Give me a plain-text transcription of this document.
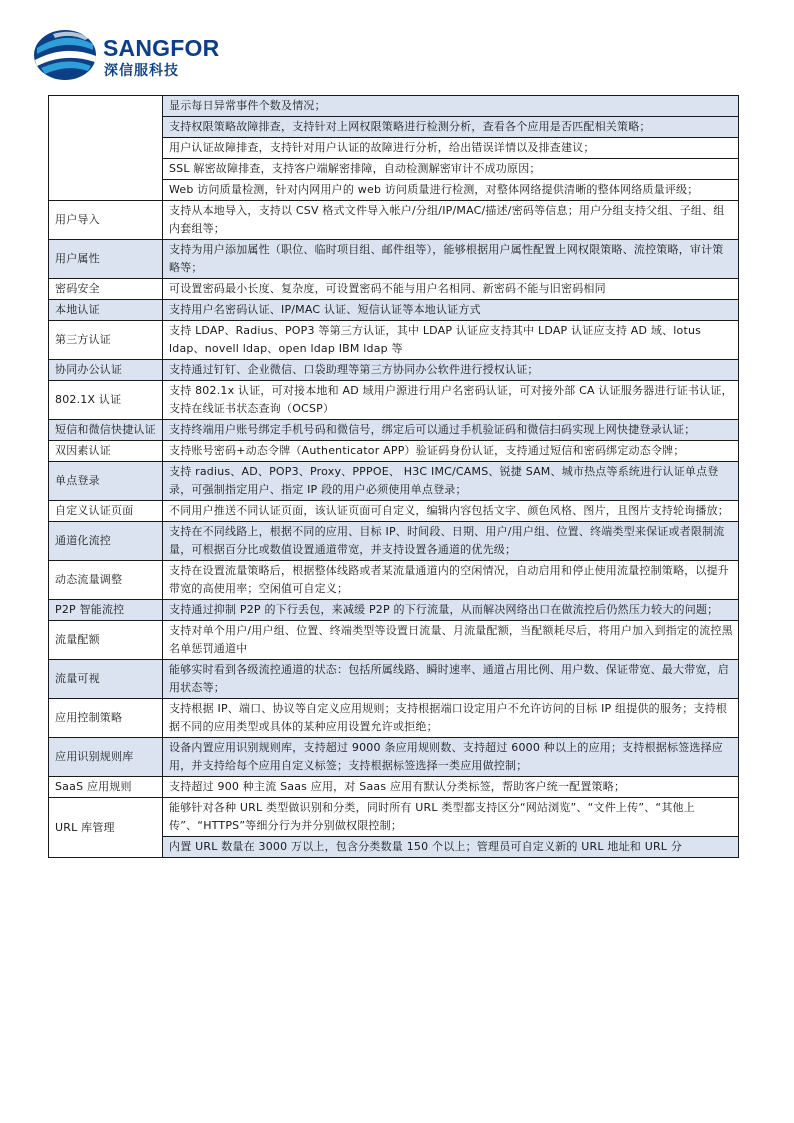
SANGFOR
深信服科技

	显示每日异常事件个数及情况；

	支持权限策略故障排查，支持针对上网权限策略进行检测分析，查看各个应用是否匹配相关策略；

	用户认证故障排查，支持针对用户认证的故障进行分析，给出错误详情以及排查建议；

	SSL 解密故障排查，支持客户端解密排障，自动检测解密审计不成功原因；

	Web 访问质量检测，针对内网用户的 web 访问质量进行检测，对整体网络提供清晰的整体网络质量评级；

用户导入	支持从本地导入，支持以 CSV 格式文件导入帐户/分组/IP/MAC/描述/密码等信息；用户分组支持父组、子组、组内套组等；

用户属性	支持为用户添加属性（职位、临时项目组、邮件组等），能够根据用户属性配置上网权限策略、流控策略，审计策略等；

密码安全	可设置密码最小长度、复杂度，可设置密码不能与用户名相同、新密码不能与旧密码相同

本地认证	支持用户名密码认证、IP/MAC 认证、短信认证等本地认证方式

第三方认证	支持 LDAP、Radius、POP3 等第三方认证，其中 LDAP 认证应支持其中 LDAP 认证应支持 AD 域、lotus ldap、novell ldap、open ldap IBM ldap 等

协同办公认证	支持通过钉钉、企业微信、口袋助理等第三方协同办公软件进行授权认证；

802.1X 认证	支持 802.1x 认证，可对接本地和 AD 域用户源进行用户名密码认证，可对接外部 CA 认证服务器进行证书认证，支持在线证书状态查询（OCSP）

短信和微信快捷认证	支持终端用户账号绑定手机号码和微信号，绑定后可以通过手机验证码和微信扫码实现上网快捷登录认证；

双因素认证	支持账号密码+动态令牌（Authenticator APP）验证码身份认证，支持通过短信和密码绑定动态令牌；

单点登录	支持 radius、AD、POP3、Proxy、PPPOE、 H3C IMC/CAMS、锐捷 SAM、城市热点等系统进行认证单点登录，可强制指定用户、指定 IP 段的用户必须使用单点登录；

自定义认证页面	不同用户推送不同认证页面，该认证页面可自定义，编辑内容包括文字、颜色风格、图片，且图片支持轮询播放；

通道化流控	支持在不同线路上，根据不同的应用、目标 IP、时间段、日期、用户/用户组、位置、终端类型来保证或者限制流量，可根据百分比或数值设置通道带宽，并支持设置各通道的优先级；

动态流量调整	支持在设置流量策略后，根据整体线路或者某流量通道内的空闲情况，自动启用和停止使用流量控制策略，以提升带宽的高使用率；空闲值可自定义；

P2P 智能流控	支持通过抑制 P2P 的下行丢包，来减缓 P2P 的下行流量，从而解决网络出口在做流控后仍然压力较大的问题；

流量配额	支持对单个用户/用户组、位置、终端类型等设置日流量、月流量配额，当配额耗尽后，将用户加入到指定的流控黑名单惩罚通道中

流量可视	能够实时看到各级流控通道的状态：包括所属线路、瞬时速率、通道占用比例、用户数、保证带宽、最大带宽，启用状态等；

应用控制策略	支持根据 IP、端口、协议等自定义应用规则；支持根据端口设定用户不允许访问的目标 IP 组提供的服务；支持根据不同的应用类型或具体的某种应用设置允许或拒绝；

应用识别规则库	设备内置应用识别规则库，支持超过 9000 条应用规则数、支持超过 6000 种以上的应用；支持根据标签选择应用，并支持给每个应用自定义标签；支持根据标签选择一类应用做控制；

SaaS 应用规则	支持超过 900 种主流 Saas 应用，对 Saas 应用有默认分类标签，帮助客户统一配置策略；

URL 库管理	能够针对各种 URL 类型做识别和分类，同时所有 URL 类型都支持区分“网站浏览”、“文件上传”、“其他上传”、“HTTPS”等细分行为并分别做权限控制；

	内置 URL 数量在 3000 万以上，包含分类数量 150 个以上；管理员可自定义新的 URL 地址和 URL 分
